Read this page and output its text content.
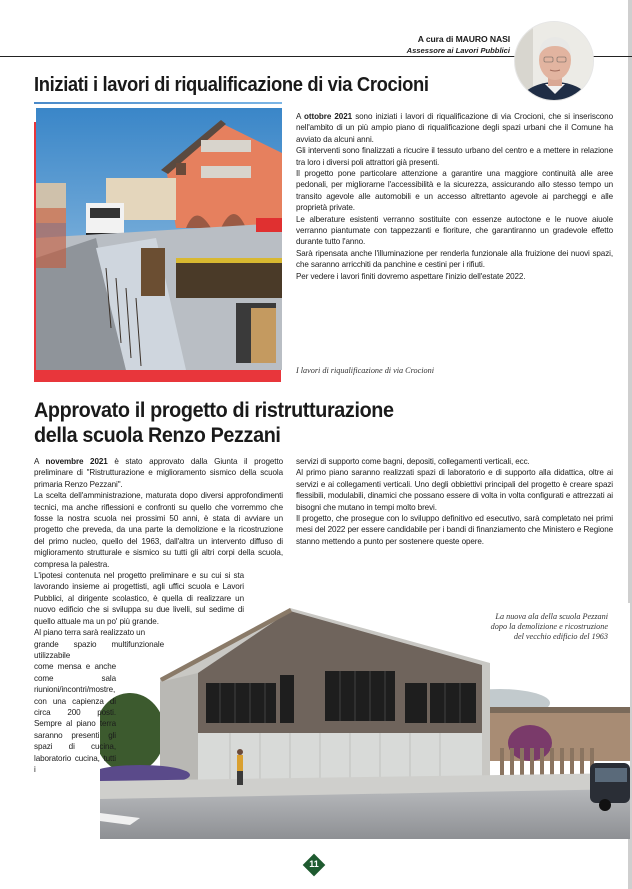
A cura di MAURO NASI
Assessore ai Lavori Pubblici
Iniziati i lavori di riqualificazione di via Crocioni

A ottobre 2021 sono iniziati i lavori di riqualificazione di via Crocioni, che si inseriscono nell'ambito di un più ampio piano di riqualificazione degli spazi urbani che il Comune ha avviato da alcuni anni.

Gli interventi sono finalizzati a ricucire il tessuto urbano del centro e a mettere in relazione tra loro i diversi poli attrattori già presenti.

Il progetto pone particolare attenzione a garantire una maggiore continuità alle aree pedonali, per migliorarne l'accessibilità e la sicurezza, assicurando allo stesso tempo un transito agevole alle automobili e un accesso altrettanto agevole ai parcheggi e alle proprietà private.

Le alberature esistenti verranno sostituite con essenze autoctone e le nuove aiuole verranno piantumate con tappezzanti e fioriture, che garantiranno un gradevole effetto durante tutto l'anno.

Sarà ripensata anche l'illuminazione per renderla funzionale alla fruizione dei nuovi spazi, che saranno arricchiti da panchine e cestini per i rifiuti.

Per vedere i lavori finiti dovremo aspettare l'inizio dell'estate 2022.

I lavori di riqualificazione di via Crocioni
Approvato il progetto di ristrutturazione
della scuola Renzo Pezzani

A novembre 2021 è stato approvato dalla Giunta il progetto preliminare di "Ristrutturazione e miglioramento sismico della scuola primaria Renzo Pezzani".

La scelta dell'amministrazione, maturata dopo diversi approfondimenti tecnici, ma anche riflessioni e confronti su quello che vorremmo che fosse la nostra scuola nei prossimi 50 anni, è stata di avviare un progetto che preveda, da una parte la demolizione e la ricostruzione del primo nucleo, quello del 1963, dall'altra un intervento diffuso di miglioramento strutturale e sismico su tutti gli altri corpi della scuola, compresa la palestra.

L'ipotesi contenuta nel progetto preliminare e su cui si sta lavorando insieme ai progettisti, agli uffici scuola e Lavori Pubblici, al dirigente scolastico, è quella di realizzare un nuovo edificio che si sviluppa su due livelli, sul sedime di quello attuale ma un po' più grande.

Al piano terra sarà realizzato un

grande spazio multifunzionale utilizzabile

come mensa e anche come sala riunioni/incontri/mostre, con una capienza di circa 200 posti. Sempre al piano terra saranno presenti gli spazi di cucina, laboratorio cucina, tutti i

servizi di supporto come bagni, depositi, collegamenti verticali, ecc.

Al primo piano saranno realizzati spazi di laboratorio e di supporto alla didattica, oltre ai servizi e ai collegamenti verticali. Uno degli obbiettivi principali del progetto è creare spazi flessibili, modulabili, dinamici che possano essere di volta in volta configurati e attrezzati ai bisogni che mutano in tempi molto brevi.

Il progetto, che prosegue con lo sviluppo definitivo ed esecutivo, sarà completato nei primi mesi del 2022 per essere candidabile per i bandi di finanziamento che Ministero e Regione stanno mettendo a punto per sostenere queste opere.

La nuova ala della scuola Pezzani
dopo la demolizione e ricostruzione
del vecchio edificio del 1963
11
